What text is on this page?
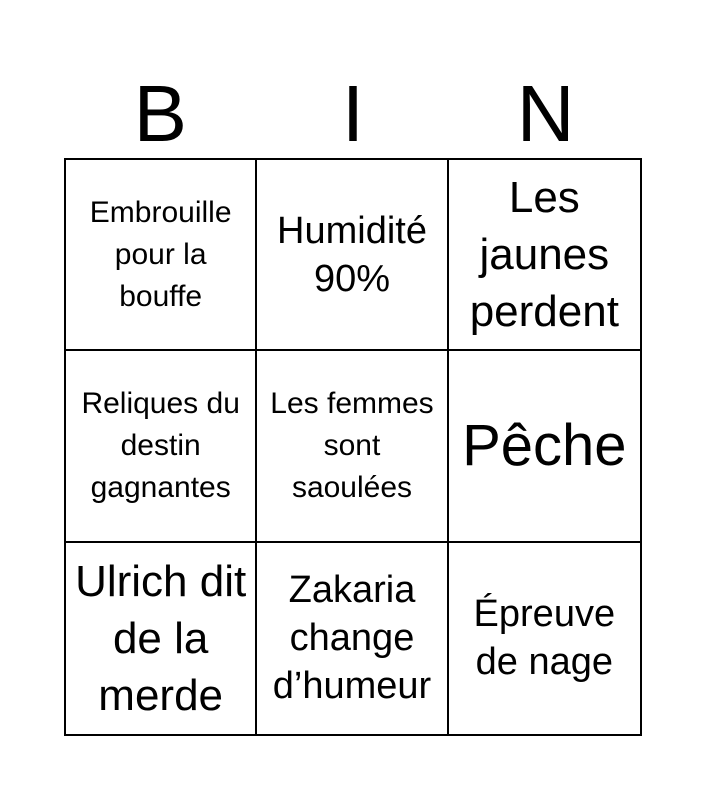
B	I	N
Embrouille pour la bouffe
Humidité 90%
Les jaunes perdent
Reliques du destin gagnantes
Les femmes sont saoulées
Pêche
Ulrich dit de la merde
Zakaria change d’humeur
Épreuve de nage
